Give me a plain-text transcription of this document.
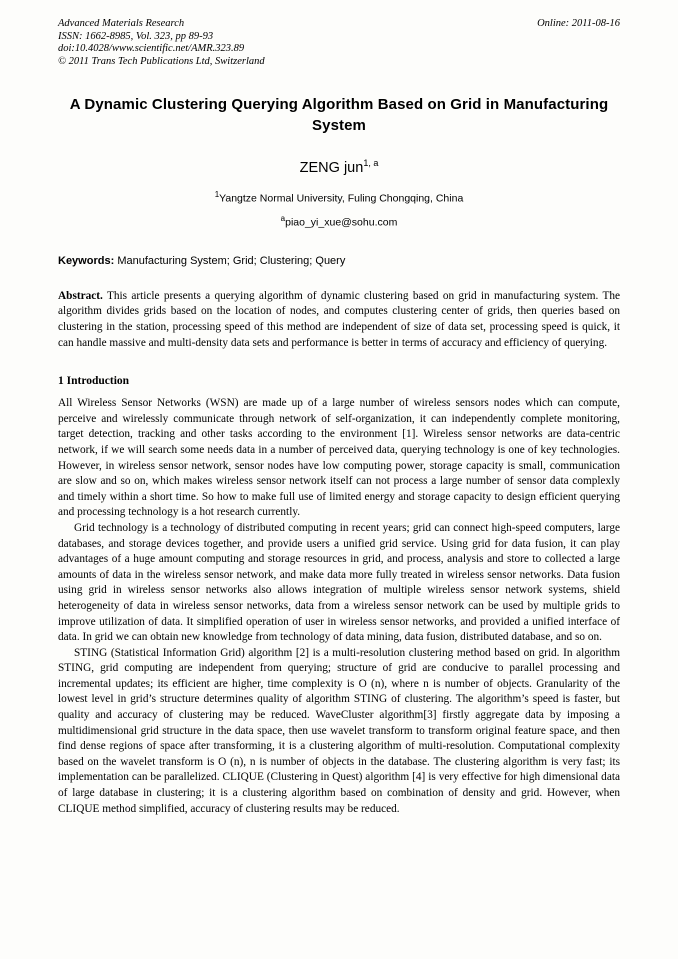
Advanced Materials Research
ISSN: 1662-8985, Vol. 323, pp 89-93
doi:10.4028/www.scientific.net/AMR.323.89
© 2011 Trans Tech Publications Ltd, Switzerland
Online: 2011-08-16
A Dynamic Clustering Querying Algorithm Based on Grid in Manufacturing System
ZENG jun$^{1, a}$
$^1$Yangtze Normal University, Fuling Chongqing, China
$^a$piao_yi_xue@sohu.com
Keywords: Manufacturing System; Grid; Clustering; Query
Abstract. This article presents a querying algorithm of dynamic clustering based on grid in manufacturing system. The algorithm divides grids based on the location of nodes, and computes clustering center of grids, then queries based on clustering in the station, processing speed of this method are independent of size of data set, processing speed is quick, it can handle massive and multi-density data sets and performance is better in terms of accuracy and efficiency of querying.
1 Introduction
All Wireless Sensor Networks (WSN) are made up of a large number of wireless sensors nodes which can compute, perceive and wirelessly communicate through network of self-organization, it can independently complete monitoring, target detection, tracking and other tasks according to the environment [1]. Wireless sensor networks are data-centric network, if we will search some needs data in a number of perceived data, querying technology is one of key technologies. However, in wireless sensor network, sensor nodes have low computing power, storage capacity is small, communication are slow and so on, which makes wireless sensor network itself can not process a large number of sensor data complexly and timely within a short time. So how to make full use of limited energy and storage capacity to design efficient querying and processing technology is a hot research currently.
Grid technology is a technology of distributed computing in recent years; grid can connect high-speed computers, large databases, and storage devices together, and provide users a unified grid service. Using grid for data fusion, it can play advantages of a huge amount computing and storage resources in grid, and process, analysis and store to collected a large amounts of data in the wireless sensor network, and make data more fully treated in wireless sensor networks. Data fusion using grid in wireless sensor networks also allows integration of multiple wireless sensor network systems, shield heterogeneity of data in wireless sensor networks, data from a wireless sensor network can be used by multiple grids to improve utilization of data. It simplified operation of user in wireless sensor networks, and provided a unified interface of data. In grid we can obtain new knowledge from technology of data mining, data fusion, distributed database, and so on.
STING (Statistical Information Grid) algorithm [2] is a multi-resolution clustering method based on grid. In algorithm STING, grid computing are independent from querying; structure of grid are conducive to parallel processing and incremental updates; its efficient are higher, time complexity is O (n), where n is number of objects. Granularity of the lowest level in grid’s structure determines quality of algorithm STING of clustering. The algorithm’s speed is faster, but quality and accuracy of clustering may be reduced. WaveCluster algorithm[3] firstly aggregate data by imposing a multidimensional grid structure in the data space, then use wavelet transform to transform original feature space, and then find dense regions of space after transforming, it is a clustering algorithm of multi-resolution. Computational complexity based on the wavelet transform is O (n), n is number of objects in the database. The clustering algorithm is very fast; its implementation can be parallelized. CLIQUE (Clustering in Quest) algorithm [4] is very effective for high dimensional data of large database in clustering; it is a clustering algorithm based on combination of density and grid. However, when CLIQUE method simplified, accuracy of clustering results may be reduced.
